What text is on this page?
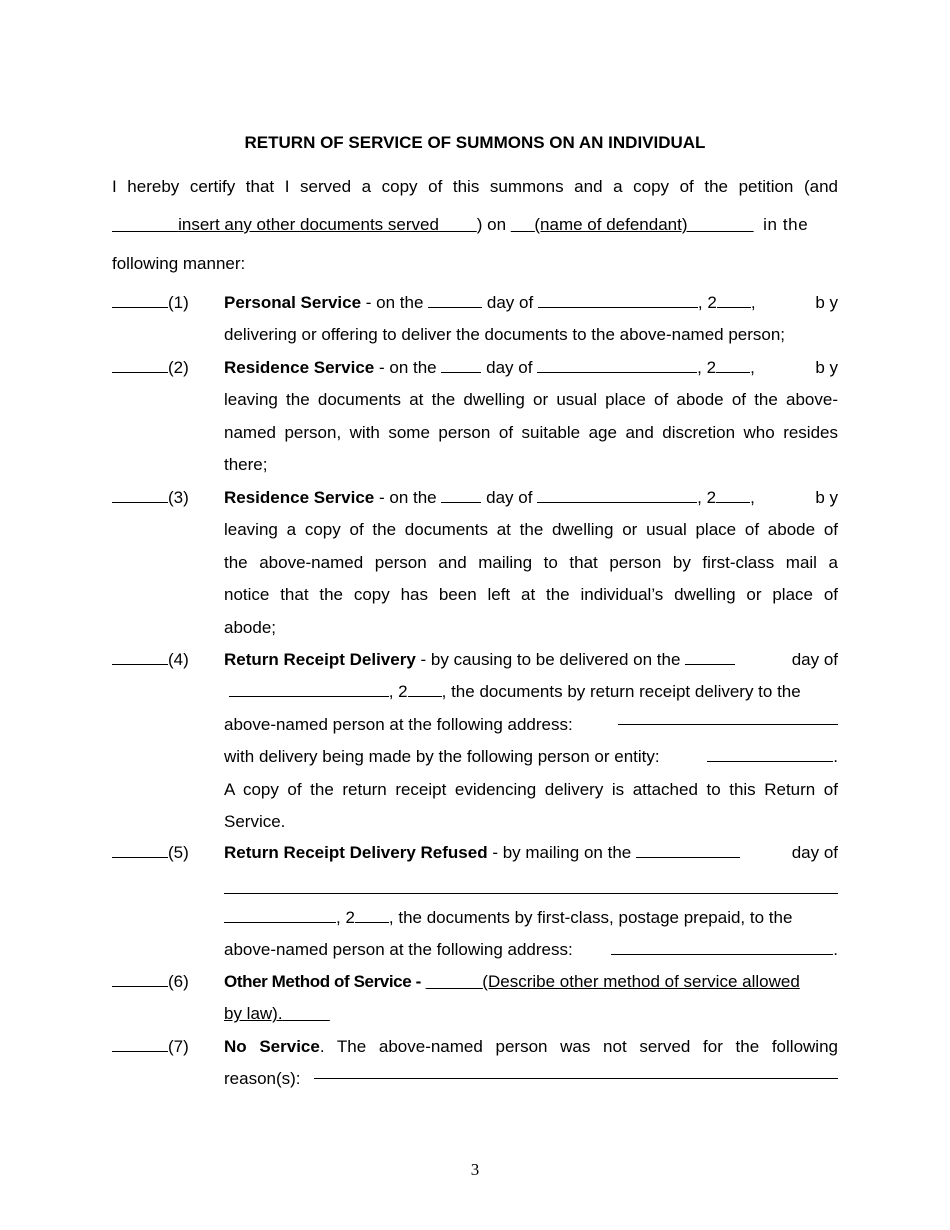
RETURN OF SERVICE OF SUMMONS ON AN INDIVIDUAL
I hereby certify that I served a copy of this summons and a copy of the petition (and
insert any other documents served ) on (name of defendant)	in the
following manner:
(1)	Personal Service - on the	day of	, 2 ,	b y
delivering or offering to deliver the documents to the above-named person;
(2)	Residence Service - on the	day of	, 2 ,	b y
leaving the documents at the dwelling or usual place of abode of the above-
named person, with some person of suitable age and discretion who resides
there;
(3)	Residence Service - on the	day of	, 2 ,	b y
leaving a copy of the documents at the dwelling or usual place of abode of
the above-named person and mailing to that person by first-class mail a
notice that the copy has been left at the individual’s dwelling or place of
abode;
(4)	Return Receipt Delivery - by causing to be delivered on the	day of
, 2 , the documents by return receipt delivery to the
above-named person at the following address:
with delivery being made by the following person or entity:	.
A copy of the return receipt evidencing delivery is attached to this Return of
Service.
(5)	Return Receipt Delivery Refused - by mailing on the	day of
, 2 , the documents by first-class, postage prepaid, to the
above-named person at the following address:	.
(6)	Other Method of Service -	(Describe other method of service allowed
by law).
(7)	No Service. The above-named person was not served for the following
reason(s):
3
